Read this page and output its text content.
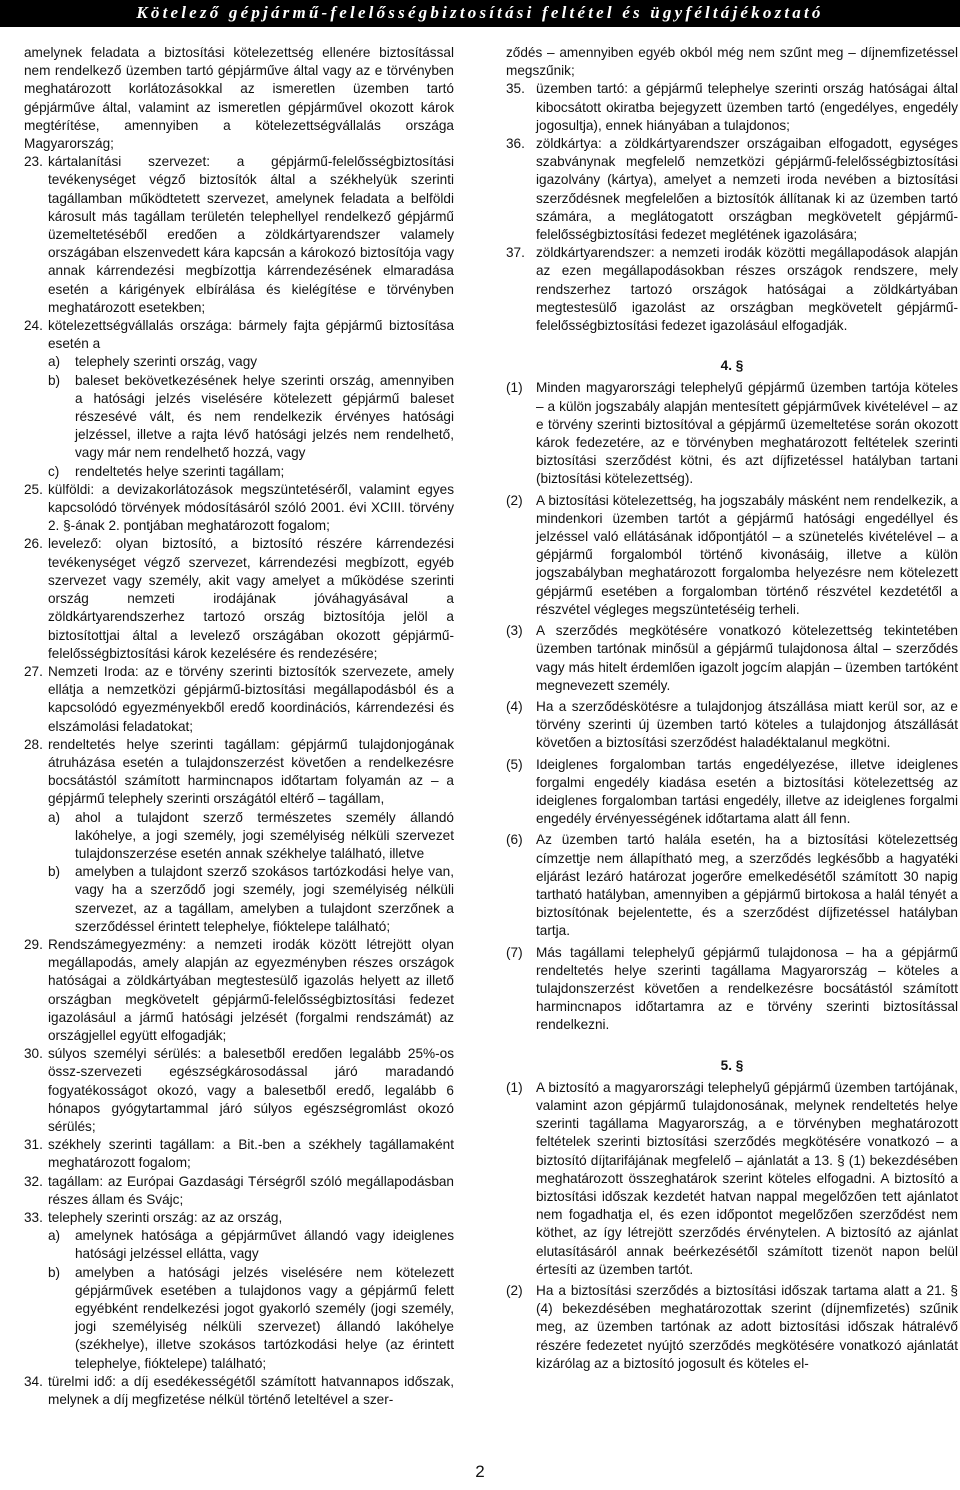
Kötelező gépjármű-felelősségbiztosítási feltétel és ügyféltájékoztató
amelynek feladata a biztosítási kötelezettség ellenére biztosítással nem rendelkező üzemben tartó gépjárműve által vagy az e törvényben meghatározott korlátozásokkal az ismeretlen üzemben tartó gépjárműve által, valamint az ismeretlen gépjárművel okozott károk megtérítése, amennyiben a kötelezettségvállalás országa Magyarország;
23. kártalanítási szervezet: a gépjármű-felelősségbiztosítási tevékenységet végző biztosítók által a székhelyük szerinti tagállamban működtetett szervezet, amelynek feladata a belföldi károsult más tagállam területén telephellyel rendelkező gépjármű üzemeltetéséből eredően a zöldkártyarendszer valamely országában elszenvedett kára kapcsán a károkozó biztosítója vagy annak kárrendezési megbízottja kárrendezésének elmaradása esetén a kárigények elbírálása és kielégítése e törvényben meghatározott esetekben;
24. kötelezettségvállalás országa: bármely fajta gépjármű biztosítása esetén a
a)	telephely szerinti ország, vagy
b)	baleset bekövetkezésének helye szerinti ország, amennyiben a hatósági jelzés viselésére kötelezett gépjármű baleset részesévé vált, és nem rendelkezik érvényes hatósági jelzéssel, illetve a rajta lévő hatósági jelzés nem rendelhető, vagy már nem rendelhető hozzá, vagy
c)	rendeltetés helye szerinti tagállam;
25. külföldi: a devizakorlátozások megszüntetéséről, valamint egyes kapcsolódó törvények módosításáról szóló 2001. évi XCIII. törvény 2. §-ának 2. pontjában meghatározott fogalom;
26. levelező: olyan biztosító, a biztosító részére kárrendezési tevékenységet végző szervezet, kárrendezési megbízott, egyéb szervezet vagy személy, akit vagy amelyet a működése szerinti ország nemzeti irodájának jóváhagyásával a zöldkártyarendszerhez tartozó ország biztosítója jelöl a biztosítottjai által a levelező országában okozott gépjármű-felelősségbiztosítási károk kezelésére és rendezésére;
27. Nemzeti Iroda: az e törvény szerinti biztosítók szervezete, amely ellátja a nemzetközi gépjármű-biztosítási megállapodásból és a kapcsolódó egyezményekből eredő koordinációs, kárrendezési és elszámolási feladatokat;
28. rendeltetés helye szerinti tagállam: gépjármű tulajdonjogának átruházása esetén a tulajdonszerzést követően a rendelkezésre bocsátástól számított harmincnapos időtartam folyamán az – a gépjármű telephely szerinti országától eltérő – tagállam,
a)	ahol a tulajdont szerző természetes személy állandó lakóhelye, a jogi személy, jogi személyiség nélküli szervezet tulajdonszerzése esetén annak székhelye található, illetve
b)	amelyben a tulajdont szerző szokásos tartózkodási helye van, vagy ha a szerződő jogi személy, jogi személyiség nélküli szervezet, az a tagállam, amelyben a tulajdont szerzőnek a szerződéssel érintett telephelye, fióktelepe található;
29. Rendszámegyezmény: a nemzeti irodák között létrejött olyan megállapodás, amely alapján az egyezményben részes országok hatóságai a zöldkártyában megtestesülő igazolás helyett az illető országban megkövetelt gépjármű-felelősségbiztosítási fedezet igazolásául a jármű hatósági jelzését (forgalmi rendszámát) az országjellel együtt elfogadják;
30. súlyos személyi sérülés: a balesetből eredően legalább 25%-os össz-szervezeti egészségkárosodással járó maradandó fogyatékosságot okozó, vagy a balesetből eredő, legalább 6 hónapos gyógytartammal járó súlyos egészségromlást okozó sérülés;
31. székhely szerinti tagállam: a Bit.-ben a székhely tagállamaként meghatározott fogalom;
32. tagállam: az Európai Gazdasági Térségről szóló megállapodásban részes állam és Svájc;
33. telephely szerinti ország: az az ország,
a)	amelynek hatósága a gépjárművet állandó vagy ideiglenes hatósági jelzéssel ellátta, vagy
b)	amelyben a hatósági jelzés viselésére nem kötelezett gépjárművek esetében a tulajdonos vagy a gépjármű felett egyébként rendelkezési jogot gyakorló személy (jogi személy, jogi személyiség nélküli szervezet) állandó lakóhelye (székhelye), illetve szokásos tartózkodási helye (az érintett telephelye, fióktelepe) található;
34. türelmi idő: a díj esedékességétől számított hatvannapos időszak, melynek a díj megfizetése nélkül történő leteltével a szer-
ződés – amennyiben egyéb okból még nem szűnt meg – díjnemfizetéssel megszűnik;
35. üzemben tartó: a gépjármű telephelye szerinti ország hatóságai által kibocsátott okiratba bejegyzett üzemben tartó (engedélyes, engedély jogosultja), ennek hiányában a tulajdonos;
36. zöldkártya: a zöldkártyarendszer országaiban elfogadott, egységes szabványnak megfelelő nemzetközi gépjármű-felelősségbiztosítási igazolvány (kártya), amelyet a nemzeti iroda nevében a biztosítási szerződésnek megfelelően a biztosítók állítanak ki az üzemben tartó számára, a meglátogatott országban megkövetelt gépjármű-felelősségbiztosítási fedezet meglétének igazolására;
37. zöldkártyarendszer: a nemzeti irodák közötti megállapodások alapján az ezen megállapodásokban részes országok rendszere, mely rendszerhez tartozó országok hatóságai a zöldkártyában megtestesülő igazolást az országban megkövetelt gépjármű-felelősségbiztosítási fedezet igazolásául elfogadják.
4. §
(1) Minden magyarországi telephelyű gépjármű üzemben tartója köteles – a külön jogszabály alapján mentesített gépjárművek kivételével – az e törvény szerinti biztosítóval a gépjármű üzemeltetése során okozott károk fedezetére, az e törvényben meghatározott feltételek szerinti biztosítási szerződést kötni, és azt díjfizetéssel hatályban tartani (biztosítási kötelezettség).
(2) A biztosítási kötelezettség, ha jogszabály másként nem rendelkezik, a mindenkori üzemben tartót a gépjármű hatósági engedéllyel és jelzéssel való ellátásának időpontjától – a szünetelés kivételével – a gépjármű forgalomból történő kivonásáig, illetve a külön jogszabályban meghatározott forgalomba helyezésre nem kötelezett gépjármű esetében a forgalomban történő részvétel kezdetétől a részvétel végleges megszüntetéséig terheli.
(3) A szerződés megkötésére vonatkozó kötelezettség tekintetében üzemben tartónak minősül a gépjármű tulajdonosa által – szerződés vagy más hitelt érdemlően igazolt jogcím alapján – üzemben tartóként megnevezett személy.
(4) Ha a szerződéskötésre a tulajdonjog átszállása miatt kerül sor, az e törvény szerinti új üzemben tartó köteles a tulajdonjog átszállását követően a biztosítási szerződést haladéktalanul megkötni.
(5) Ideiglenes forgalomban tartás engedélyezése, illetve ideiglenes forgalmi engedély kiadása esetén a biztosítási kötelezettség az ideiglenes forgalomban tartási engedély, illetve az ideiglenes forgalmi engedély érvényességének időtartama alatt áll fenn.
(6) Az üzemben tartó halála esetén, ha a biztosítási kötelezettség címzettje nem állapítható meg, a szerződés legkésőbb a hagyatéki eljárást lezáró határozat jogerőre emelkedésétől számított 30 napig tartható hatályban, amennyiben a gépjármű birtokosa a halál tényét a biztosítónak bejelentette, és a szerződést díjfizetéssel hatályban tartja.
(7) Más tagállami telephelyű gépjármű tulajdonosa – ha a gépjármű rendeltetés helye szerinti tagállama Magyarország – köteles a tulajdonszerzést követően a rendelkezésre bocsátástól számított harmincnapos időtartamra az e törvény szerinti biztosítással rendelkezni.
5. §
(1) A biztosító a magyarországi telephelyű gépjármű üzemben tartójának, valamint azon gépjármű tulajdonosának, melynek rendeltetés helye szerinti tagállama Magyarország, a e törvényben meghatározott feltételek szerinti biztosítási szerződés megkötésére vonatkozó – a biztosító díjtarifájának megfelelő – ajánlatát a 13. § (1) bekezdésében meghatározott összeghatárok szerint köteles elfogadni. A biztosító a biztosítási időszak kezdetét hatvan nappal megelőzően tett ajánlatot nem fogadhatja el, és ezen időpontot megelőzően szerződést nem köthet, az így létrejött szerződés érvénytelen. A biztosító az ajánlat elutasításáról annak beérkezésétől számított tizenöt napon belül értesíti az üzemben tartót.
(2) Ha a biztosítási szerződés a biztosítási időszak tartama alatt a 21. § (4) bekezdésében meghatározottak szerint (díjnemfizetés) szűnik meg, az üzemben tartónak az adott biztosítási időszak hátralévő részére fedezetet nyújtó szerződés megkötésére vonatkozó ajánlatát kizárólag az a biztosító jogosult és köteles el-
2
